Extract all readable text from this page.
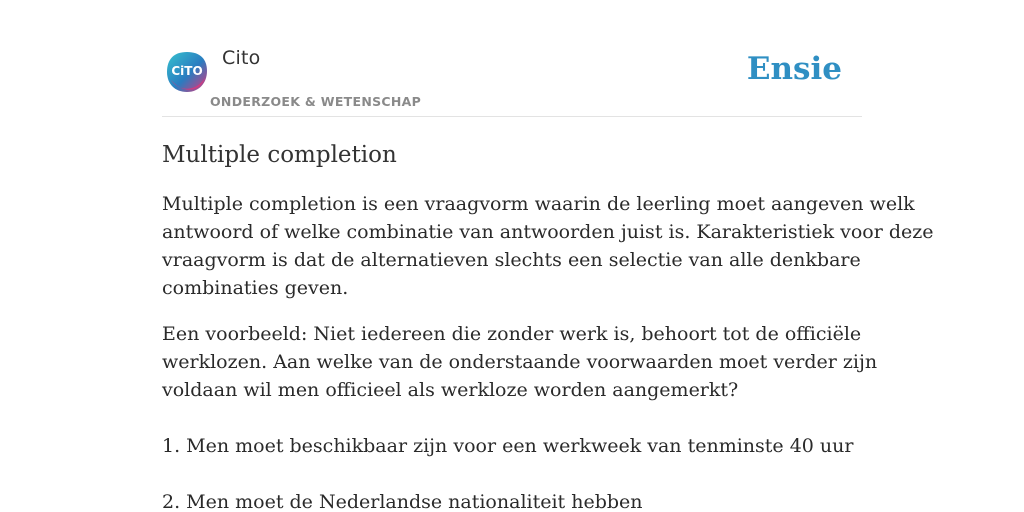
CiTO
Cito
ONDERZOEK & WETENSCHAP
Ensie
Multiple completion
Multiple completion is een vraagvorm waarin de leerling moet aangeven welk
antwoord of welke combinatie van antwoorden juist is. Karakteristiek voor deze
vraagvorm is dat de alternatieven slechts een selectie van alle denkbare
combinaties geven.
Een voorbeeld: Niet iedereen die zonder werk is, behoort tot de officiële
werklozen. Aan welke van de onderstaande voorwaarden moet verder zijn
voldaan wil men officieel als werkloze worden aangemerkt?
1. Men moet beschikbaar zijn voor een werkweek van tenminste 40 uur
2. Men moet de Nederlandse nationaliteit hebben
